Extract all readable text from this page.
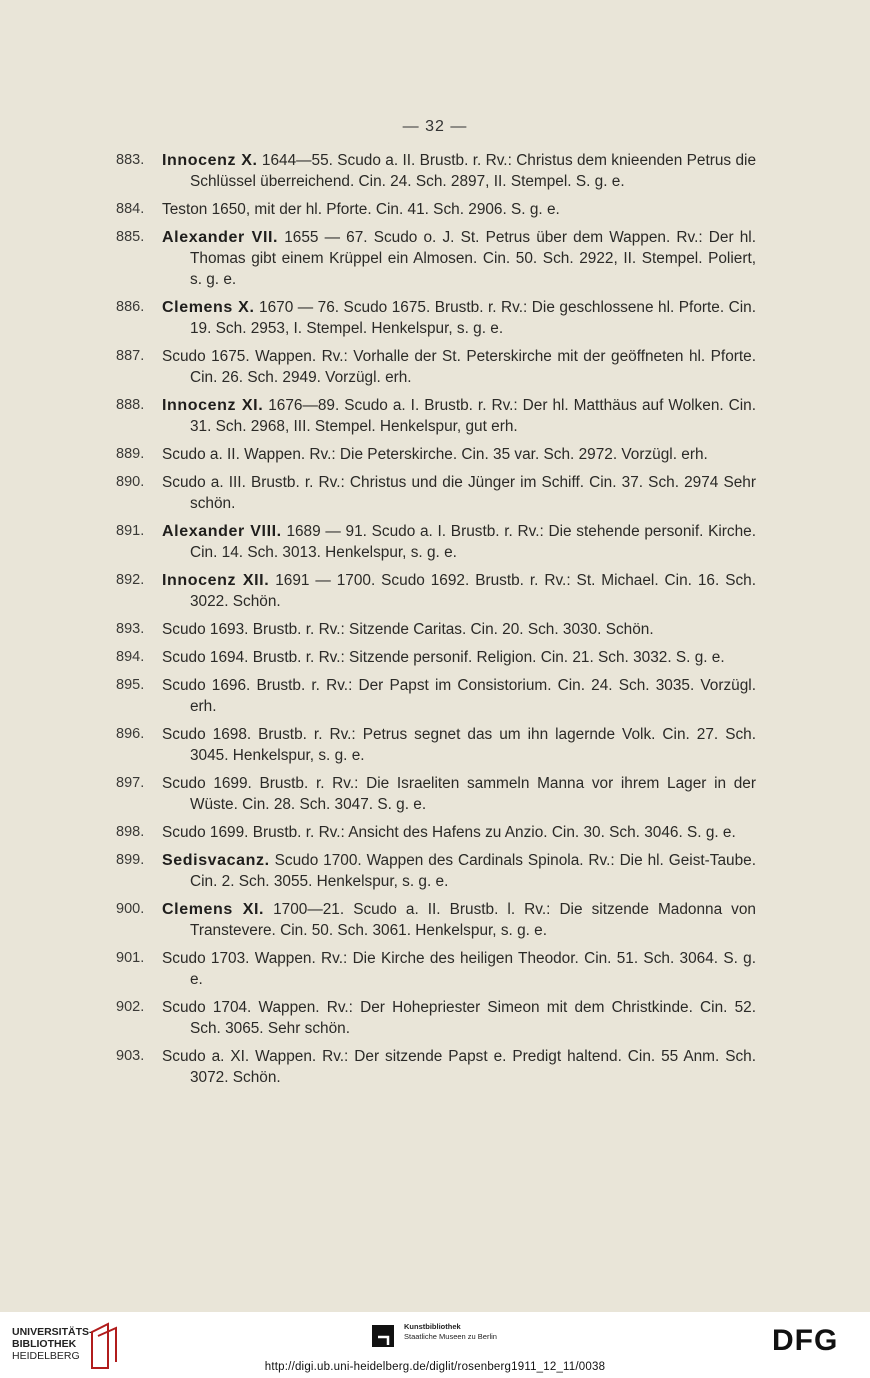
— 32 —
883.	Innocenz X. 1644—55. Scudo a. II. Brustb. r. Rv.: Christus dem knieenden Petrus die Schlüssel überreichend. Cin. 24. Sch. 2897, II. Stempel. S. g. e.
884.	Teston 1650, mit der hl. Pforte. Cin. 41. Sch. 2906. S. g. e.
885.	Alexander VII. 1655 — 67. Scudo o. J. St. Petrus über dem Wappen. Rv.: Der hl. Thomas gibt einem Krüppel ein Almosen. Cin. 50. Sch. 2922, II. Stempel. Poliert, s. g. e.
886.	Clemens X. 1670 — 76. Scudo 1675. Brustb. r. Rv.: Die geschlossene hl. Pforte. Cin. 19. Sch. 2953, I. Stempel. Henkelspur, s. g. e.
887.	Scudo 1675. Wappen. Rv.: Vorhalle der St. Peterskirche mit der geöffneten hl. Pforte. Cin. 26. Sch. 2949. Vorzügl. erh.
888.	Innocenz XI. 1676—89. Scudo a. I. Brustb. r. Rv.: Der hl. Matthäus auf Wolken. Cin. 31. Sch. 2968, III. Stempel. Henkelspur, gut erh.
889.	Scudo a. II. Wappen. Rv.: Die Peterskirche. Cin. 35 var. Sch. 2972. Vorzügl. erh.
890.	Scudo a. III. Brustb. r. Rv.: Christus und die Jünger im Schiff. Cin. 37. Sch. 2974 Sehr schön.
891.	Alexander VIII. 1689 — 91. Scudo a. I. Brustb. r. Rv.: Die stehende personif. Kirche. Cin. 14. Sch. 3013. Henkelspur, s. g. e.
892.	Innocenz XII. 1691 — 1700. Scudo 1692. Brustb. r. Rv.: St. Michael. Cin. 16. Sch. 3022. Schön.
893.	Scudo 1693. Brustb. r. Rv.: Sitzende Caritas. Cin. 20. Sch. 3030. Schön.
894.	Scudo 1694. Brustb. r. Rv.: Sitzende personif. Religion. Cin. 21. Sch. 3032. S. g. e.
895.	Scudo 1696. Brustb. r. Rv.: Der Papst im Consistorium. Cin. 24. Sch. 3035. Vorzügl. erh.
896.	Scudo 1698. Brustb. r. Rv.: Petrus segnet das um ihn lagernde Volk. Cin. 27. Sch. 3045. Henkelspur, s. g. e.
897.	Scudo 1699. Brustb. r. Rv.: Die Israeliten sammeln Manna vor ihrem Lager in der Wüste. Cin. 28. Sch. 3047. S. g. e.
898.	Scudo 1699. Brustb. r. Rv.: Ansicht des Hafens zu Anzio. Cin. 30. Sch. 3046. S. g. e.
899.	Sedisvacanz. Scudo 1700. Wappen des Cardinals Spinola. Rv.: Die hl. Geist-Taube. Cin. 2. Sch. 3055. Henkelspur, s. g. e.
900.	Clemens XI. 1700—21. Scudo a. II. Brustb. l. Rv.: Die sitzende Madonna von Transtevere. Cin. 50. Sch. 3061. Henkelspur, s. g. e.
901.	Scudo 1703. Wappen. Rv.: Die Kirche des heiligen Theodor. Cin. 51. Sch. 3064. S. g. e.
902.	Scudo 1704. Wappen. Rv.: Der Hohepriester Simeon mit dem Christkinde. Cin. 52. Sch. 3065. Sehr schön.
903.	Scudo a. XI. Wappen. Rv.: Der sitzende Papst e. Predigt haltend. Cin. 55 Anm. Sch. 3072. Schön.
UNIVERSITÄTS-
BIBLIOTHEK
HEIDELBERG
Kunstbibliothek
Staatliche Museen zu Berlin	DFG
http://digi.ub.uni-heidelberg.de/diglit/rosenberg1911_12_11/0038
